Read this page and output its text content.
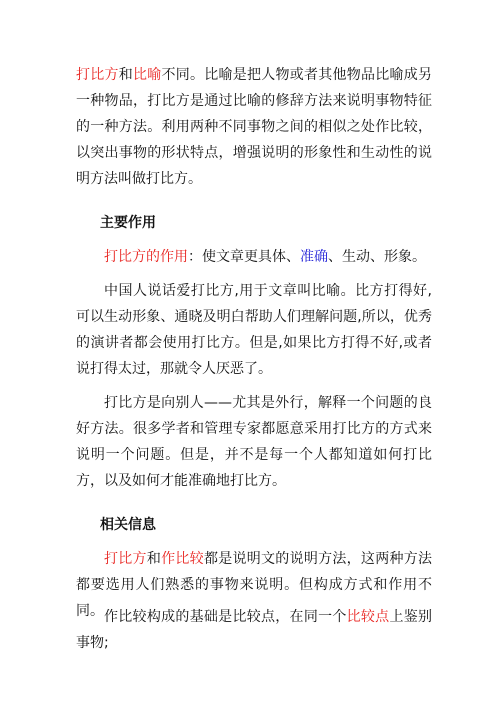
打比方和比喻不同。比喻是把人物或者其他物品比喻成另一种物品，打比方是通过比喻的修辞方法来说明事物特征的一种方法。利用两种不同事物之间的相似之处作比较，以突出事物的形状特点，增强说明的形象性和生动性的说明方法叫做打比方。

主要作用

打比方的作用：使文章更具体、准确、生动、形象。

中国人说话爱打比方,用于文章叫比喻。比方打得好,可以生动形象、通晓及明白帮助人们理解问题,所以，优秀的演讲者都会使用打比方。但是,如果比方打得不好,或者说打得太过，那就令人厌恶了。

打比方是向别人——尤其是外行，解释一个问题的良好方法。很多学者和管理专家都愿意采用打比方的方式来说明一个问题。但是，并不是每一个人都知道如何打比方，以及如何才能准确地打比方。

相关信息

打比方和作比较都是说明文的说明方法，这两种方法都要选用人们熟悉的事物来说明。但构成方式和作用不同。 作比较构成的基础是比较点，在同一个比较点上鉴别事物;
